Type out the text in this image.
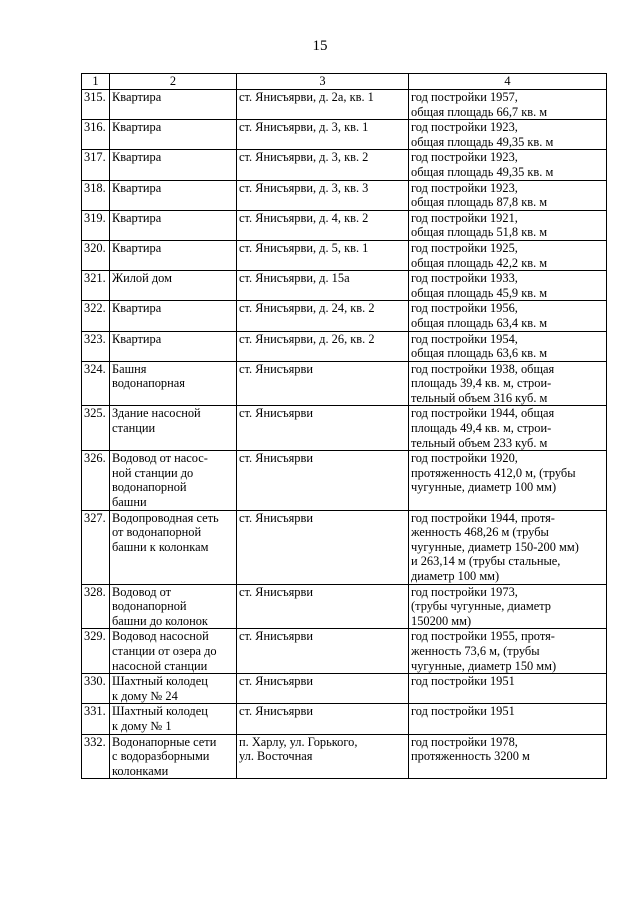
15
1	2	3	4
315.	Квартира	ст. Янисъярви, д. 2а, кв. 1	год постройки 1957,
общая площадь 66,7 кв. м

316.	Квартира	ст. Янисъярви, д. 3, кв. 1	год постройки 1923,
общая площадь 49,35 кв. м

317.	Квартира	ст. Янисъярви, д. 3, кв. 2	год постройки 1923,
общая площадь 49,35 кв. м

318.	Квартира	ст. Янисъярви, д. 3, кв. 3	год постройки 1923,
общая площадь 87,8 кв. м

319.	Квартира	ст. Янисъярви, д. 4, кв. 2	год постройки 1921,
общая площадь 51,8 кв. м

320.	Квартира	ст. Янисъярви, д. 5, кв. 1	год постройки 1925,
общая площадь 42,2 кв. м

321.	Жилой дом	ст. Янисъярви, д. 15а	год постройки 1933,
общая площадь 45,9 кв. м

322.	Квартира	ст. Янисъярви, д. 24, кв. 2	год постройки 1956,
общая площадь 63,4 кв. м

323.	Квартира	ст. Янисъярви, д. 26, кв. 2	год постройки 1954,
общая площадь 63,6 кв. м

324.	Башня
водонапорная	ст. Янисъярви	год постройки 1938, общая
площадь 39,4 кв. м, строи-
тельный объем 316 куб. м

325.	Здание насосной
станции	ст. Янисъярви	год постройки 1944, общая
площадь 49,4 кв. м, строи-
тельный объем 233 куб. м

326.	Водовод от насос-
ной станции до
водонапорной
башни	ст. Янисъярви	год постройки 1920,
протяженность 412,0 м, (трубы
чугунные, диаметр 100 мм)

327.	Водопроводная сеть
от водонапорной
башни к колонкам	ст. Янисъярви	год постройки 1944, протя-
женность 468,26 м (трубы
чугунные, диаметр 150-200 мм)
и 263,14 м (трубы стальные,
диаметр 100 мм)

328.	Водовод от
водонапорной
башни до колонок	ст. Янисъярви	год постройки 1973,
(трубы чугунные, диаметр
150200 мм)

329.	Водовод насосной
станции от озера до
насосной станции	ст. Янисъярви	год постройки 1955, протя-
женность 73,6 м, (трубы
чугунные, диаметр 150 мм)

330.	Шахтный колодец
к дому № 24	ст. Янисъярви	год постройки 1951

331.	Шахтный колодец
к дому № 1	ст. Янисъярви	год постройки 1951

332.	Водонапорные сети
с водоразборными
колонками	п. Харлу, ул. Горького,
ул. Восточная	год постройки 1978,
протяженность 3200 м
